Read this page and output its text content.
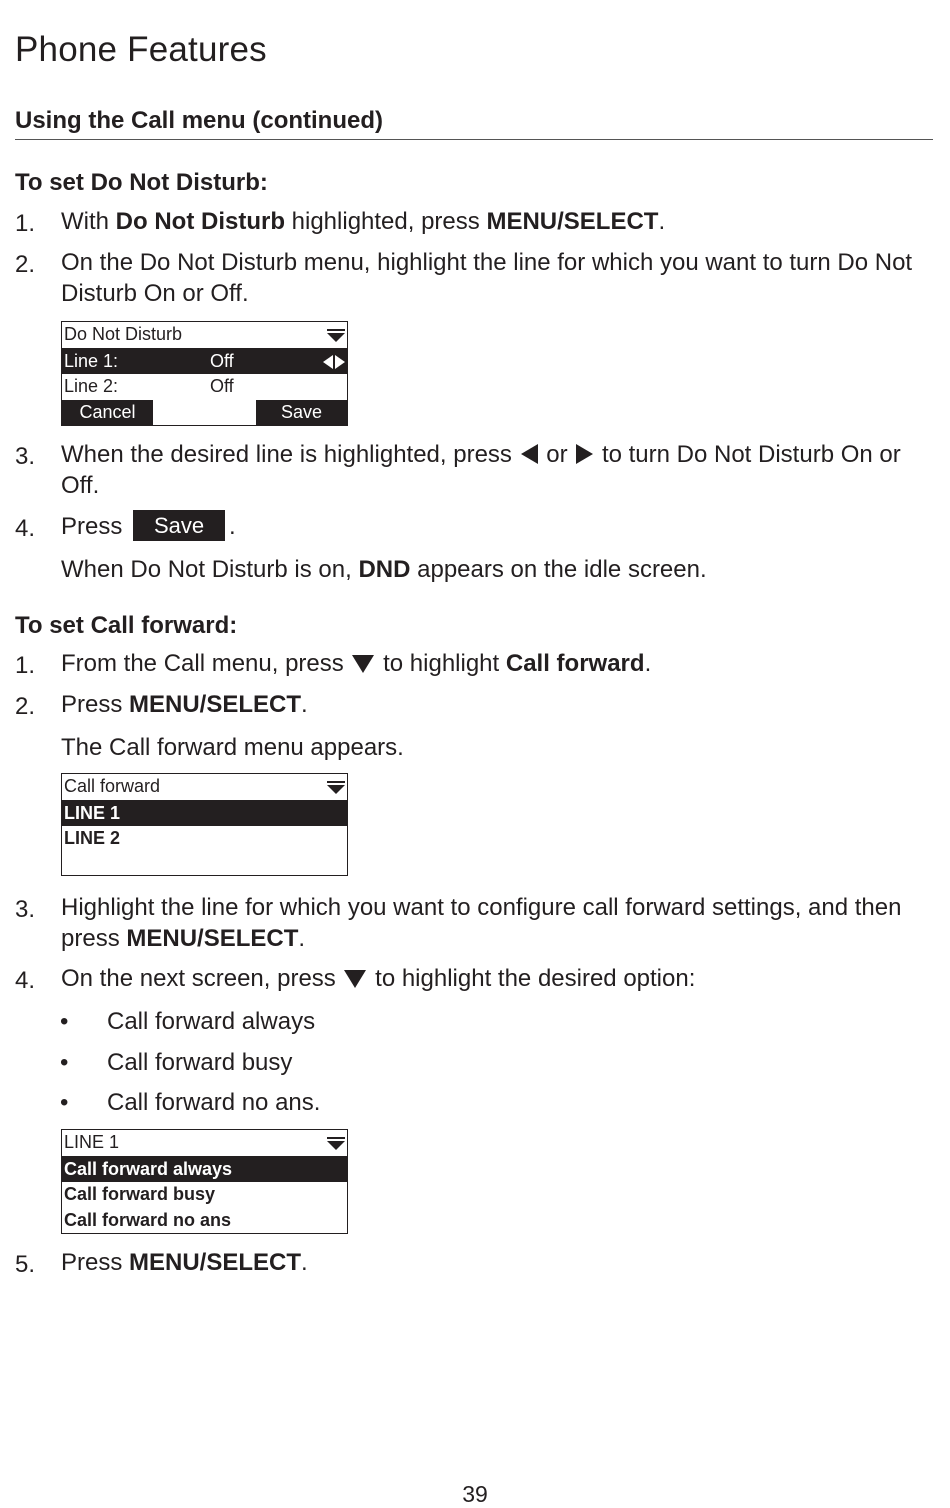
Phone Features
Using the Call menu (continued)
To set Do Not Disturb:
1. With Do Not Disturb highlighted, press MENU/SELECT.
2. On the Do Not Disturb menu, highlight the line for which you want to turn Do Not Disturb On or Off.
Do Not Disturb
Line 1:	Off
Line 2:	Off
Cancel	Save
3. When the desired line is highlighted, press  or  to turn Do Not Disturb On or Off.
4. Press Save .
When Do Not Disturb is on, DND appears on the idle screen.
To set Call forward:
1. From the Call menu, press  to highlight Call forward.
2. Press MENU/SELECT.
The Call forward menu appears.
Call forward
LINE 1
LINE 2
3. Highlight the line for which you want to configure call forward settings, and then press MENU/SELECT.
4. On the next screen, press  to highlight the desired option:
• Call forward always
• Call forward busy
• Call forward no ans.
LINE 1
Call forward always
Call forward busy
Call forward no ans
5. Press MENU/SELECT.
39
